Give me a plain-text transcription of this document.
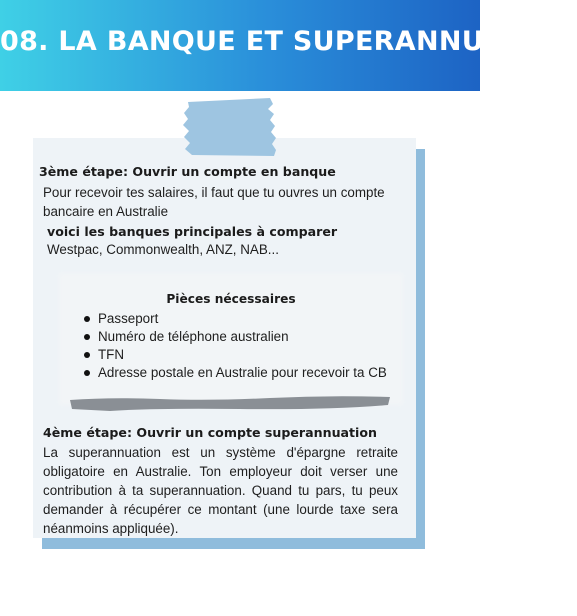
08. LA BANQUE ET SUPERANNUATION

3ème étape: Ouvrir un compte en banque

Pour recevoir tes salaires, il faut que tu ouvres un compte

bancaire en Australie

voici les banques principales à comparer

Westpac, Commonwealth, ANZ, NAB...

Pièces nécessaires
Passeport
Numéro de téléphone australien
TFN
Adresse postale en Australie pour recevoir ta CB

4ème étape: Ouvrir un compte superannuation

La superannuation est un système d'épargne retraite

obligatoire en Australie. Ton employeur doit verser une

contribution à ta superannuation. Quand tu pars, tu peux

demander à récupérer ce montant (une lourde taxe sera

néanmoins appliquée).
